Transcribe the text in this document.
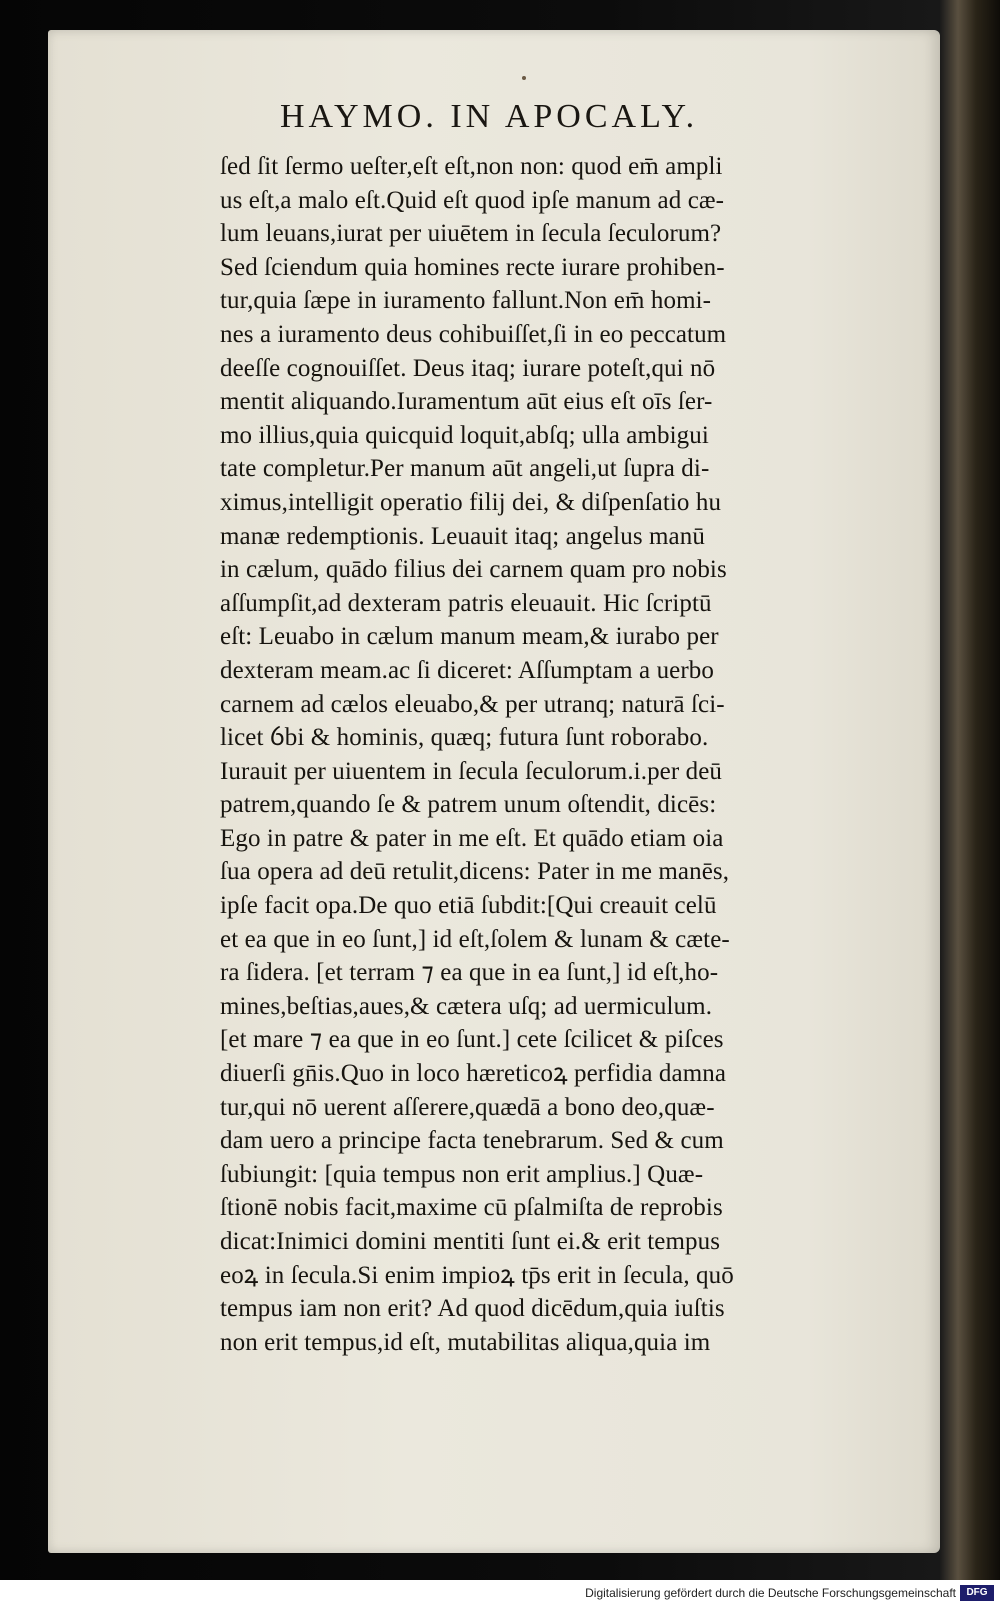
HAYMO. IN APOCALY.
ſed ſit ſermo ueſter,eſt eſt,non non: quod em̄ ampli
us eſt,a malo eſt.Quid eſt quod ipſe manum ad cæ-
lum leuans,iurat per uiuētem in ſecula ſeculorum?
Sed ſciendum quia homines recte iurare prohiben-
tur,quia ſæpe in iuramento fallunt.Non em̄ homi-
nes a iuramento deus cohibuiſſet,ſi in eo peccatum
deeſſe cognouiſſet. Deus itaq; iurare poteſt,qui nō
mentit aliquando.Iuramentum aūt eius eſt oīs ſer-
mo illius,quia quicquid loquit,abſq; ulla ambigui
tate completur.Per manum aūt angeli,ut ſupra di-
ximus,intelligit operatio filij dei, & diſpenſatio hu
manæ redemptionis. Leuauit itaq; angelus manū
in cælum, quādo filius dei carnem quam pro nobis
aſſumpſit,ad dexteram patris eleuauit. Hic ſcriptū
eſt: Leuabo in cælum manum meam,& iurabo per
dexteram meam.ac ſi diceret: Aſſumptam a uerbo
carnem ad cælos eleuabo,& per utranq; naturā ſci-
licet ỽbi & hominis, quæq; futura ſunt roborabo.
Iurauit per uiuentem in ſecula ſeculorum.i.per deū
patrem,quando ſe & patrem unum oſtendit, dicēs:
Ego in patre & pater in me eſt. Et quādo etiam oia
ſua opera ad deū retulit,dicens: Pater in me manēs,
ipſe facit opa.De quo etiā ſubdit:[Qui creauit celū
et ea que in eo ſunt,] id eſt,ſolem & lunam & cæte-
ra ſidera. [et terram ⁊ ea que in ea ſunt,] id eſt,ho-
mines,beſtias,aues,& cætera uſq; ad uermiculum.
[et mare ⁊ ea que in eo ſunt.] cete ſcilicet & piſces
diuerſi gn̄is.Quo in loco hæreticoꝝ perfidia damna
tur,qui nō uerent aſſerere,quædā a bono deo,quæ-
dam uero a principe facta tenebrarum. Sed & cum
ſubiungit: [quia tempus non erit amplius.] Quæ-
ſtionē nobis facit,maxime cū pſalmiſta de reprobis
dicat:Inimici domini mentiti ſunt ei.& erit tempus
eoꝝ in ſecula.Si enim impioꝝ tp̄s erit in ſecula, quō
tempus iam non erit? Ad quod dicēdum,quia iuſtis
non erit tempus,id eſt, mutabilitas aliqua,quia im
Digitalisierung gefördert durch die Deutsche Forschungsgemeinschaft	DFG
